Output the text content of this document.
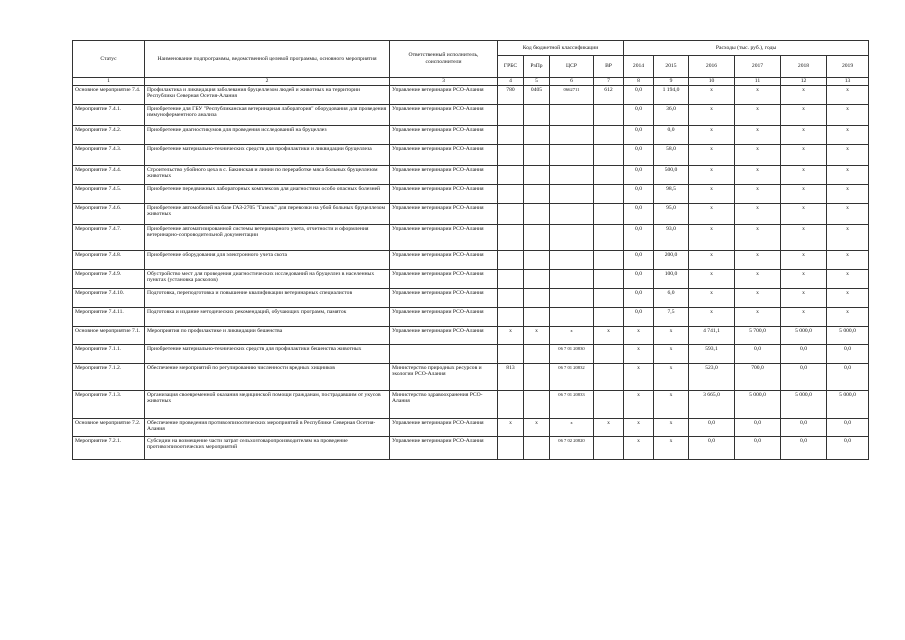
Статус	Наименование подпрограммы, ведомственной целевой программы, основного мероприятия	Ответственный исполнитель, соисполнители	Код бюджетной классификации				Расходы (тыс. руб.), годы					
			ГРБС	РзПр	ЦСР	ВР	2014	2015	2016	2017	2018	2019
1	2	3	4	5	6	7	8	9	10	11	12	13
Основное мероприятие 7.4.	Профилактика и ликвидация заболевания бруцеллезом людей и животных на территории Республики Северная Осетия-Алания	Управление ветеринарии РСО-Алания	780	0405	0662711	612	0,0	1 194,0	х	х	х	х
Мероприятие 7.4.1.	Приобретение для ГБУ "Республиканская ветеринарная лаборатория" оборудования для проведения иммуноферментного анализа	Управление ветеринарии РСО-Алания					0,0	36,0	х	х	х	х
Мероприятие 7.4.2.	Приобретение диагностикумов для проведения исследований на бруцеллез	Управление ветеринарии РСО-Алания					0,0	0,0	х	х	х	х
Мероприятие 7.4.3.	Приобретение материально-технических средств для профилактики и ликвидации бруцеллеза	Управление ветеринарии РСО-Алания					0,0	58,0	х	х	х	х
Мероприятие 7.4.4.	Строительство убойного цеха в с. Бакинская и линии по переработке мяса больных бруцеллезом животных	Управление ветеринарии РСО-Алания					0,0	500,0	х	х	х	х
Мероприятие 7.4.5.	Приобретение передвижных лабораторных комплексов для диагностики особо опасных болезней	Управление ветеринарии РСО-Алания					0,0	98,5	х	х	х	х
Мероприятие 7.4.6.	Приобретение автомобилей на базе ГАЗ-2705 "Газель" для перевозки на убой больных бруцеллезом животных	Управление ветеринарии РСО-Алания					0,0	95,0	х	х	х	х
Мероприятие 7.4.7.	Приобретение автоматизированной системы ветеринарного учета, отчетности и оформления ветеринарно-сопроводительной документации	Управление ветеринарии РСО-Алания					0,0	93,0	х	х	х	х
Мероприятие 7.4.8.	Приобретение оборудования для электронного учета скота	Управление ветеринарии РСО-Алания					0,0	200,0	х	х	х	х
Мероприятие 7.4.9.	Обустройство мест для проведения диагностических исследований на бруцеллез в населенных пунктах (установка расколов)	Управление ветеринарии РСО-Алания					0,0	100,0	х	х	х	х
Мероприятие 7.4.10.	Подготовка, переподготовка и повышение квалификации ветеринарных специалистов	Управление ветеринарии РСО-Алания					0,0	6,0	х	х	х	х
Мероприятие 7.4.11.	Подготовка и издание методических рекомендаций, обучающих программ, памяток	Управление ветеринарии РСО-Алания					0,0	7,5	х	х	х	х
Основное мероприятие 7.1.	Мероприятия по профилактике и ликвидации бешенства	Управление ветеринарии РСО-Алания	х	х	х	х	х	х	4 741,1	5 700,0	5 000,0	5 000,0
Мероприятие 7.1.1.	Приобретение материально-технических средств для профилактики бешенства животных				06 7 01 20830		х	х	593,1	0,0	0,0	0,0
Мероприятие 7.1.2.	Обеспечение мероприятий по регулированию численности вредных хищников	Министерство природных ресурсов и экологии РСО-Алания	813		06 7 01 20832		х	х	523,0	700,0	0,0	0,0
Мероприятие 7.1.3.	Организация своевременной оказания медицинской помощи гражданам, пострадавшим от укусов животных	Министерство здравоохранения РСО-Алания			06 7 01 20833		х	х	3 665,0	5 000,0	5 000,0	5 000,0
Основное мероприятие 7.2.	Обеспечение проведения противоэпизоотических мероприятий в Республике Северная Осетия-Алания	Управление ветеринарии РСО-Алания	х	х	х	х	х	х	0,0	0,0	0,0	0,0
Мероприятие 7.2.1.	Субсидии на возмещение части затрат сельхозтоваропроизводителям на проведение противоэпизоотических мероприятий	Управление ветеринарии РСО-Алания			06 7 02 20820		х	х	0,0	0,0	0,0	0,0
